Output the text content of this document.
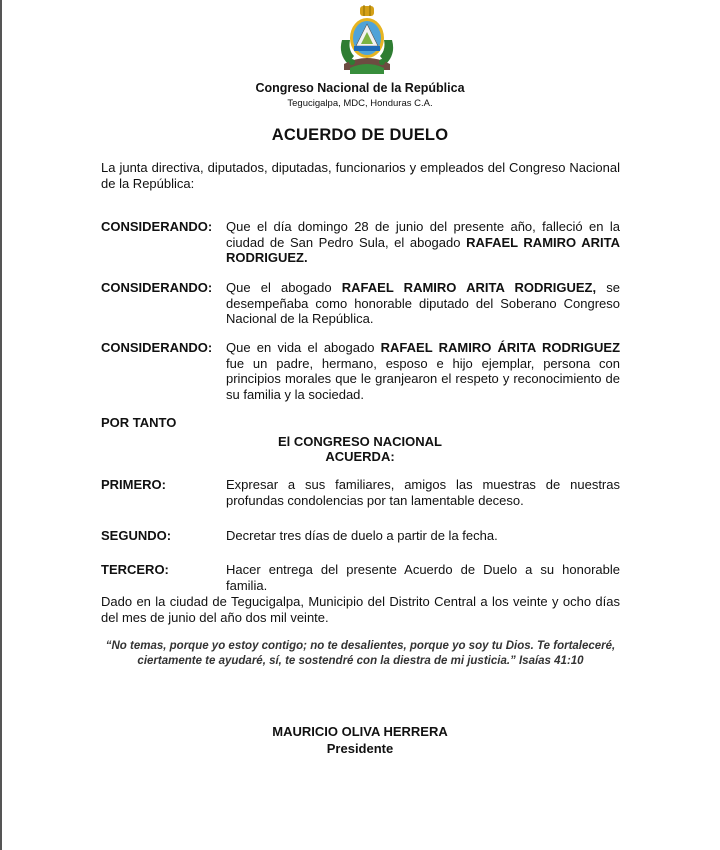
Congreso Nacional de la República
Tegucigalpa, MDC, Honduras C.A.
ACUERDO DE DUELO
La junta directiva, diputados, diputadas, funcionarios y empleados del Congreso Nacional de la República:
CONSIDERANDO: Que el día domingo 28 de junio del presente año, falleció en la ciudad de San Pedro Sula, el abogado RAFAEL RAMIRO ARITA RODRIGUEZ.
CONSIDERANDO: Que el abogado RAFAEL RAMIRO ARITA RODRIGUEZ, se desempeñaba como honorable diputado del Soberano Congreso Nacional de la República.
CONSIDERANDO: Que en vida el abogado RAFAEL RAMIRO ÁRITA RODRIGUEZ fue un padre, hermano, esposo e hijo ejemplar, persona con principios morales que le granjearon el respeto y reconocimiento de su familia y la sociedad.
POR TANTO
El CONGRESO NACIONAL
ACUERDA:
PRIMERO:	Expresar a sus familiares, amigos las muestras de nuestras profundas condolencias por tan lamentable deceso.
SEGUNDO:	Decretar tres días de duelo a partir de la fecha.
TERCERO:	Hacer entrega del presente Acuerdo de Duelo a su honorable familia.
Dado en la ciudad de Tegucigalpa, Municipio del Distrito Central a los veinte y ocho días del mes de junio del año dos mil veinte.
“No temas, porque yo estoy contigo; no te desalientes, porque yo soy tu Dios. Te fortaleceré, ciertamente te ayudaré, sí, te sostendré con la diestra de mi justicia.” Isaías 41:10
MAURICIO OLIVA HERRERA
Presidente
